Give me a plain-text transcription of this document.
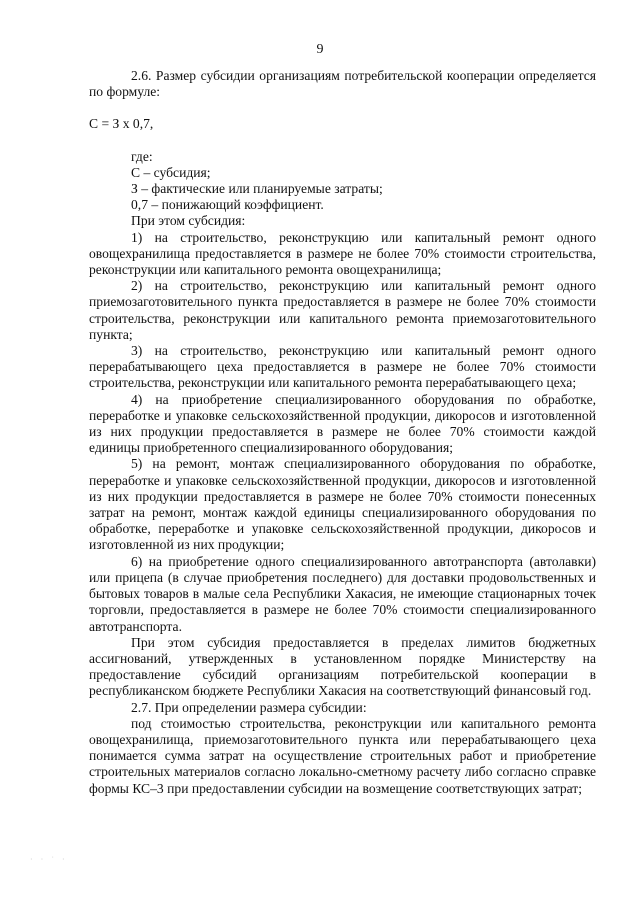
9

2.6. Размер субсидии организациям потребительской кооперации определяется по формуле:

С = З х 0,7,

где:

С – субсидия;

З – фактические или планируемые затраты;

0,7 – понижающий коэффициент.

При этом субсидия:

1) на строительство, реконструкцию или капитальный ремонт одного овощехранилища предоставляется в размере не более 70% стоимости строительства, реконструкции или капитального ремонта овощехранилища;

2) на строительство, реконструкцию или капитальный ремонт одного приемозаготовительного пункта предоставляется в размере не более 70% стоимости строительства, реконструкции или капитального ремонта приемозаготовительного пункта;

3) на строительство, реконструкцию или капитальный ремонт одного перерабатывающего цеха предоставляется в размере не более 70% стоимости строительства, реконструкции или капитального ремонта перерабатывающего цеха;

4) на приобретение специализированного оборудования по обработке, переработке и упаковке сельскохозяйственной продукции, дикоросов и изготовленной из них продукции предоставляется в размере не более 70% стоимости каждой единицы приобретенного специализированного оборудования;

5) на ремонт, монтаж специализированного оборудования по обработке, переработке и упаковке сельскохозяйственной продукции, дикоросов и изготовленной из них продукции предоставляется в размере не более 70% стоимости понесенных затрат на ремонт, монтаж каждой единицы специализированного оборудования по обработке, переработке и упаковке сельскохозяйственной продукции, дикоросов и изготовленной из них продукции;

6) на приобретение одного специализированного автотранспорта (автолавки) или прицепа (в случае приобретения последнего) для доставки продовольственных и бытовых товаров в малые села Республики Хакасия, не имеющие стационарных точек торговли, предоставляется в размере не более 70% стоимости специализированного автотранспорта.

При этом субсидия предоставляется в пределах лимитов бюджетных ассигнований, утвержденных в установленном порядке Министерству на предоставление субсидий организациям потребительской кооперации в республиканском бюджете Республики Хакасия на соответствующий финансовый год.

2.7. При определении размера субсидии:

под стоимостью строительства, реконструкции или капитального ремонта овощехранилища, приемозаготовительного пункта или перерабатывающего цеха понимается сумма затрат на осуществление строительных работ и приобретение строительных материалов согласно локально-сметному расчету либо согласно справке формы КС–3 при предоставлении субсидии на возмещение соответствующих затрат;

· · ˙ ·
